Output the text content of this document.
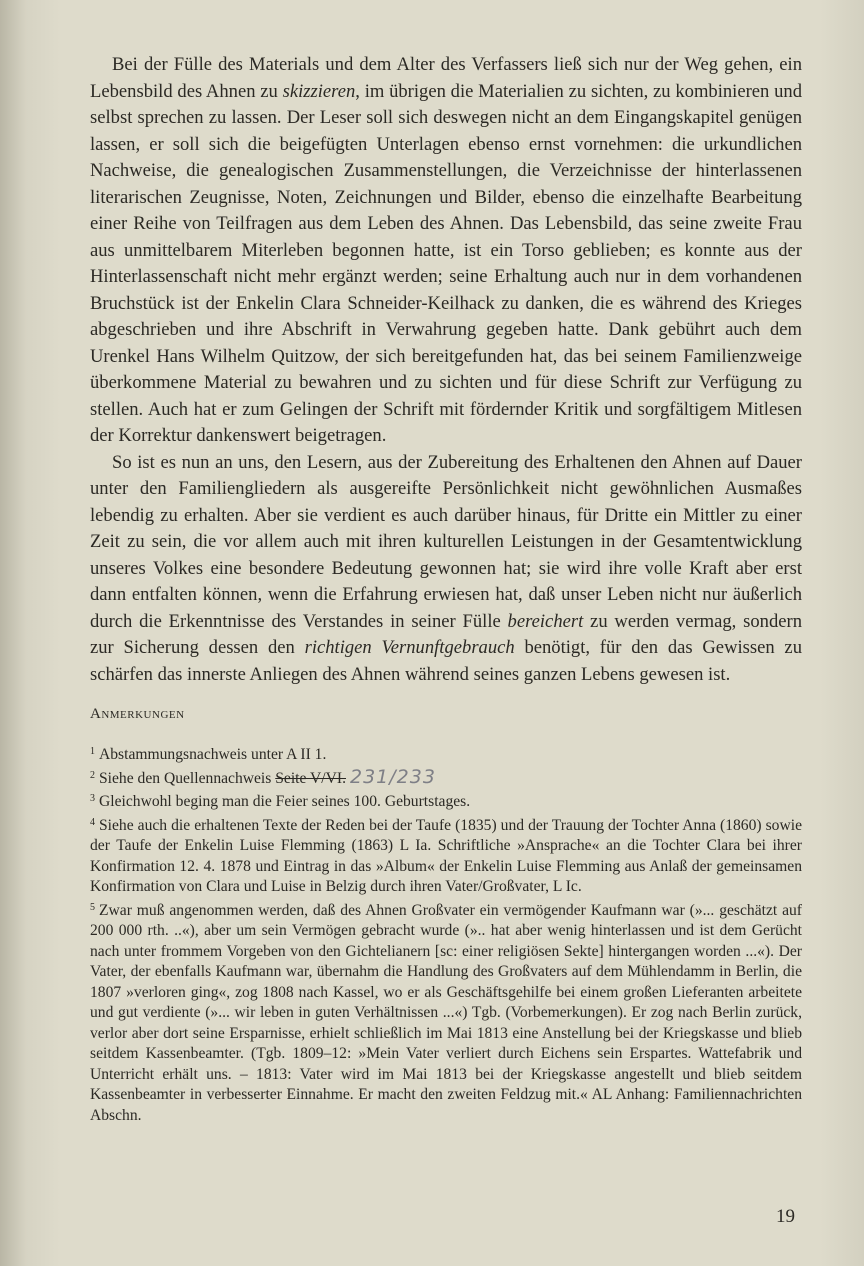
Bei der Fülle des Materials und dem Alter des Verfassers ließ sich nur der Weg gehen, ein Lebensbild des Ahnen zu skizzieren, im übrigen die Materialien zu sichten, zu kombinieren und selbst sprechen zu lassen. Der Leser soll sich deswegen nicht an dem Eingangskapitel genügen lassen, er soll sich die beigefügten Unterlagen ebenso ernst vornehmen: die urkundlichen Nachweise, die genealogischen Zusammenstellungen, die Verzeichnisse der hinterlassenen literarischen Zeugnisse, Noten, Zeichnungen und Bilder, ebenso die einzelhafte Bearbeitung einer Reihe von Teilfragen aus dem Leben des Ahnen. Das Lebensbild, das seine zweite Frau aus unmittelbarem Miterleben begonnen hatte, ist ein Torso geblieben; es konnte aus der Hinterlassenschaft nicht mehr ergänzt werden; seine Erhaltung auch nur in dem vorhandenen Bruchstück ist der Enkelin Clara Schneider-Keilhack zu danken, die es während des Krieges abgeschrieben und ihre Abschrift in Verwahrung gegeben hatte. Dank gebührt auch dem Urenkel Hans Wilhelm Quitzow, der sich bereitgefunden hat, das bei seinem Familienzweige überkommene Material zu bewahren und zu sichten und für diese Schrift zur Verfügung zu stellen. Auch hat er zum Gelingen der Schrift mit fördernder Kritik und sorgfältigem Mitlesen der Korrektur dankenswert beigetragen.

So ist es nun an uns, den Lesern, aus der Zubereitung des Erhaltenen den Ahnen auf Dauer unter den Familiengliedern als ausgereifte Persönlichkeit nicht gewöhnlichen Ausmaßes lebendig zu erhalten. Aber sie verdient es auch darüber hinaus, für Dritte ein Mittler zu einer Zeit zu sein, die vor allem auch mit ihren kulturellen Leistungen in der Gesamtentwicklung unseres Volkes eine besondere Bedeutung gewonnen hat; sie wird ihre volle Kraft aber erst dann entfalten können, wenn die Erfahrung erwiesen hat, daß unser Leben nicht nur äußerlich durch die Erkenntnisse des Verstandes in seiner Fülle bereichert zu werden vermag, sondern zur Sicherung dessen den richtigen Vernunftgebrauch benötigt, für den das Gewissen zu schärfen das innerste Anliegen des Ahnen während seines ganzen Lebens gewesen ist.

Anmerkungen

$^1$ Abstammungsnachweis unter A II 1.

$^2$ Siehe den Quellennachweis Seite V/VI. 231/233

$^3$ Gleichwohl beging man die Feier seines 100. Geburtstages.

$^4$ Siehe auch die erhaltenen Texte der Reden bei der Taufe (1835) und der Trauung der Tochter Anna (1860) sowie der Taufe der Enkelin Luise Flemming (1863) L Ia. Schriftliche »Ansprache« an die Tochter Clara bei ihrer Konfirmation 12. 4. 1878 und Eintrag in das »Album« der Enkelin Luise Flemming aus Anlaß der gemeinsamen Konfirmation von Clara und Luise in Belzig durch ihren Vater/Großvater, L Ic.

$^5$ Zwar muß angenommen werden, daß des Ahnen Großvater ein vermögender Kaufmann war (»... geschätzt auf 200 000 rth. ..«), aber um sein Vermögen gebracht wurde (».. hat aber wenig hinterlassen und ist dem Gerücht nach unter frommem Vorgeben von den Gichtelianern [sc: einer religiösen Sekte] hintergangen worden ...«). Der Vater, der ebenfalls Kaufmann war, übernahm die Handlung des Großvaters auf dem Mühlendamm in Berlin, die 1807 »verloren ging«, zog 1808 nach Kassel, wo er als Geschäftsgehilfe bei einem großen Lieferanten arbeitete und gut verdiente (»... wir leben in guten Verhältnissen ...«) Tgb. (Vorbemerkungen). Er zog nach Berlin zurück, verlor aber dort seine Ersparnisse, erhielt schließlich im Mai 1813 eine Anstellung bei der Kriegskasse und blieb seitdem Kassenbeamter. (Tgb. 1809–12: »Mein Vater verliert durch Eichens sein Erspartes. Wattefabrik und Unterricht erhält uns. – 1813: Vater wird im Mai 1813 bei der Kriegskasse angestellt und blieb seitdem Kassenbeamter in verbesserter Einnahme. Er macht den zweiten Feldzug mit.« AL Anhang: Familiennachrichten Abschn.

19
